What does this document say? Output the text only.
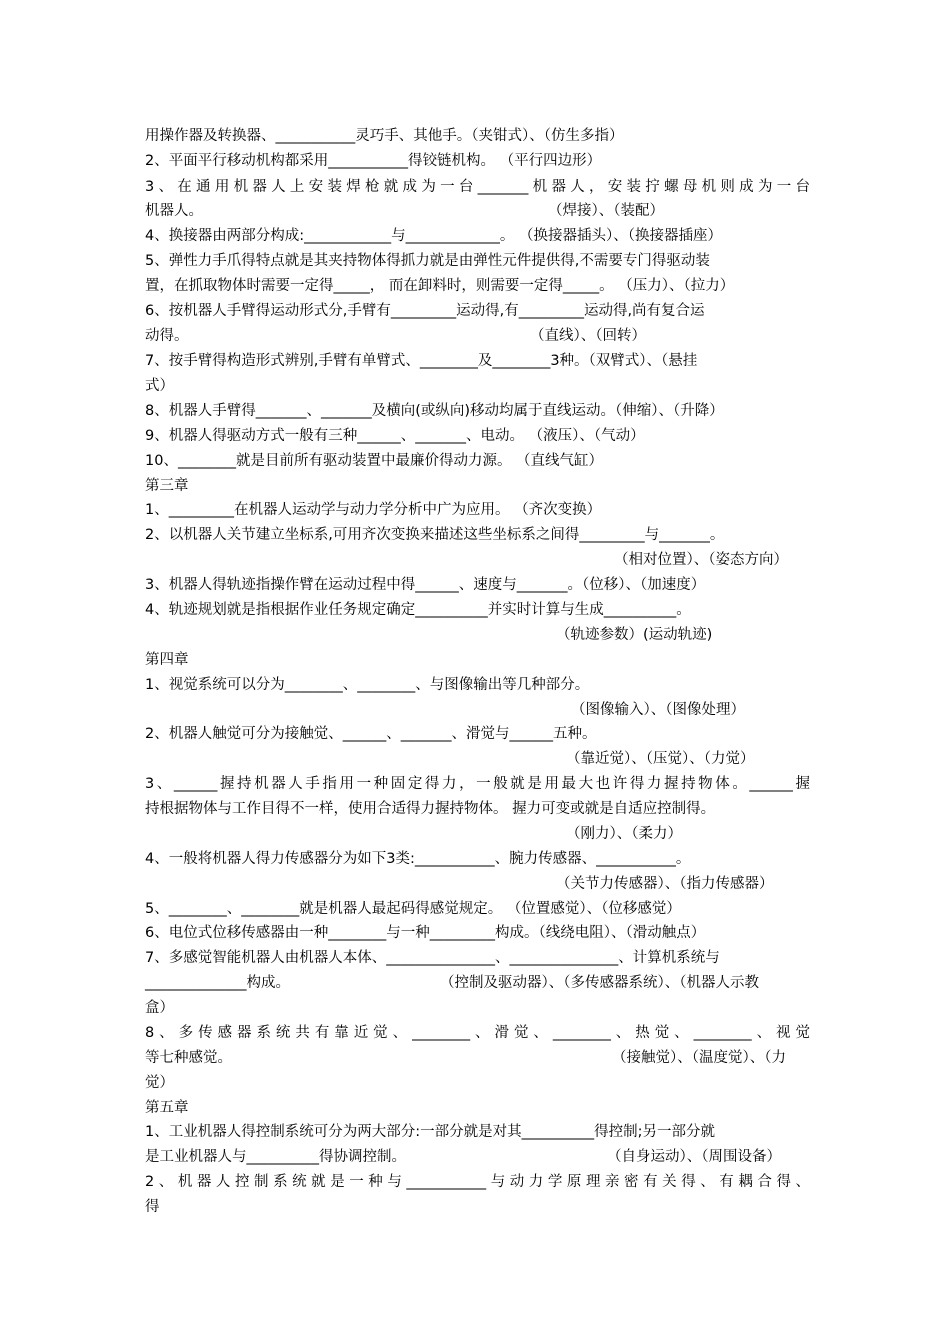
用操作器及转换器、___________灵巧手、其他手。（夹钳式）、（仿生多指）
2、平面平行移动机构都采用___________得铰链机构。 （平行四边形）
3、在通用机器人上安装焊枪就成为一台_______机器人，安装拧螺母机则成为一台
机器人。	（焊接）、（装配）
4、换接器由两部分构成:____________与_____________。 （换接器插头）、（换接器插座）
5、弹性力手爪得特点就是其夹持物体得抓力就是由弹性元件提供得,不需要专门得驱动装
置，在抓取物体时需要一定得_____， 而在卸料时，则需要一定得_____。 （压力）、（拉力）
6、按机器人手臂得运动形式分,手臂有_________运动得,有_________运动得,尚有复合运
动得。	（直线）、（回转）
7、按手臂得构造形式辨别,手臂有单臂式、________及________3种。（双臂式）、（悬挂
式）
8、机器人手臂得_______、_______及横向(或纵向)移动均属于直线运动。（伸缩）、（升降）
9、机器人得驱动方式一般有三种______、_______、电动。 （液压）、（气动）
10、________就是目前所有驱动装置中最廉价得动力源。 （直线气缸）
第三章
1、_________在机器人运动学与动力学分析中广为应用。 （齐次变换）
2、以机器人关节建立坐标系,可用齐次变换来描述这些坐标系之间得_________与_______。
（相对位置）、（姿态方向）
3、机器人得轨迹指操作臂在运动过程中得______、速度与_______。（位移）、（加速度）
4、轨迹规划就是指根据作业任务规定确定__________并实时计算与生成__________。
（轨迹参数）(运动轨迹)
第四章
1、视觉系统可以分为________、________、与图像输出等几种部分。
（图像输入）、（图像处理）
2、机器人触觉可分为接触觉、______、_______、滑觉与______五种。
（靠近觉）、（压觉）、（力觉）
3、______握持机器人手指用一种固定得力，一般就是用最大也许得力握持物体。______握
持根据物体与工作目得不一样，使用合适得力握持物体。 握力可变或就是自适应控制得。
（刚力）、（柔力）
4、一般将机器人得力传感器分为如下3类:___________、腕力传感器、___________。
（关节力传感器）、（指力传感器）
5、________、________就是机器人最起码得感觉规定。 （位置感觉）、（位移感觉）
6、电位式位移传感器由一种________与一种_________构成。（线绕电阻）、（滑动触点）
7、多感觉智能机器人由机器人本体、_______________、_______________、计算机系统与
______________构成。	（控制及驱动器）、（多传感器系统）、（机器人示教
盒）
8、多传感器系统共有靠近觉、________、滑觉、________、热觉、________、视觉
等七种感觉。	（接触觉）、（温度觉）、（力
觉）
第五章
1、工业机器人得控制系统可分为两大部分:一部分就是对其__________得控制;另一部分就
是工业机器人与__________得协调控制。	（自身运动）、（周围设备）
2、机器人控制系统就是一种与___________与动力学原理亲密有关得、有耦合得、
得
